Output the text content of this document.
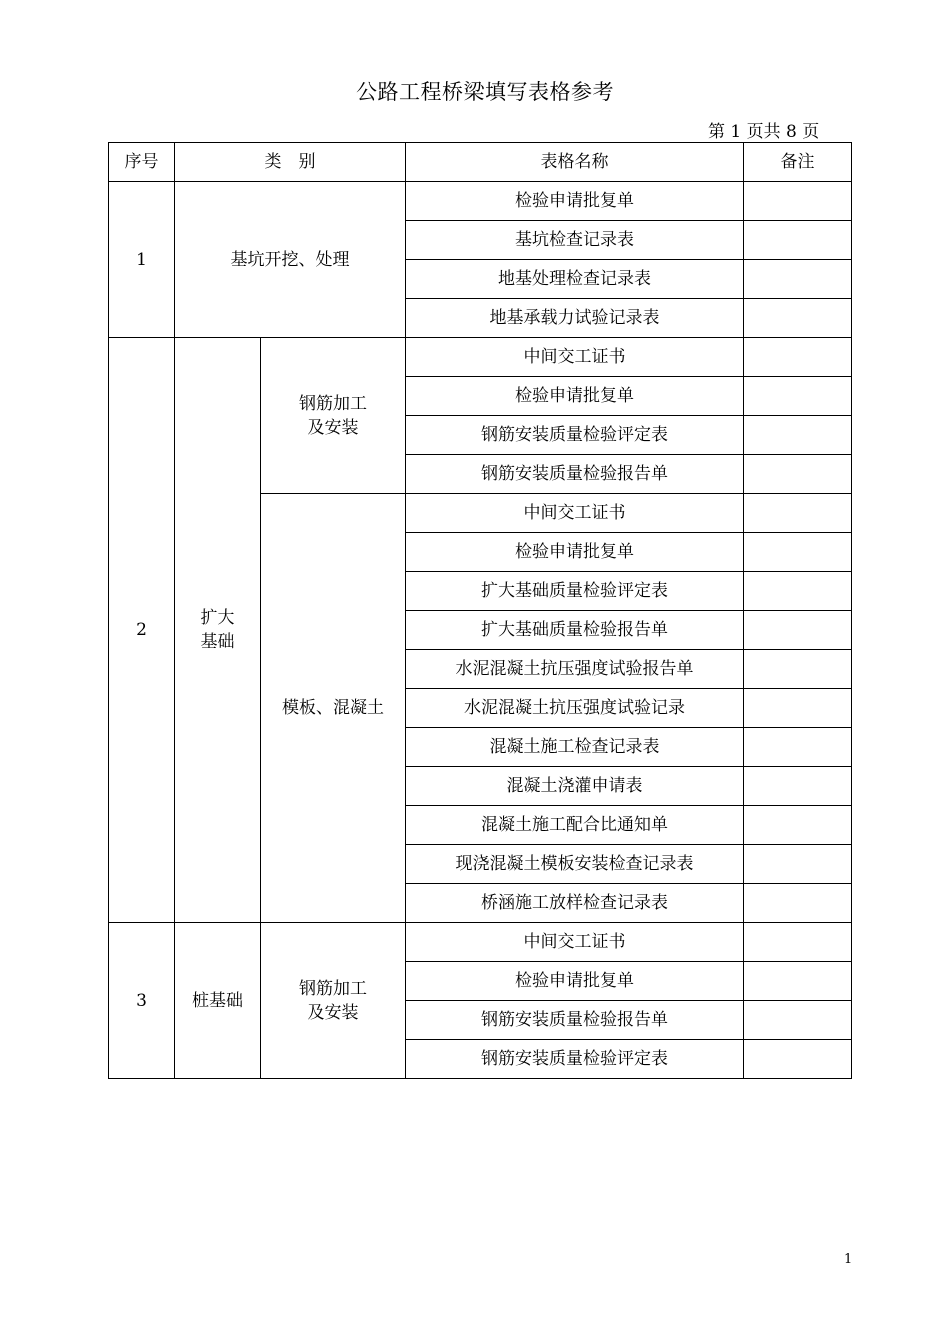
公路工程桥梁填写表格参考
第 1 页共 8 页
序号	类　别		表格名称	备注
1	基坑开挖、处理		检验申请批复单	
			基坑检查记录表	
			地基处理检查记录表	
			地基承载力试验记录表	
2	扩大基础	钢筋加工及安装	中间交工证书	
			检验申请批复单	
			钢筋安装质量检验评定表	
			钢筋安装质量检验报告单	
		模板、混凝土	中间交工证书	
			检验申请批复单	
			扩大基础质量检验评定表	
			扩大基础质量检验报告单	
			水泥混凝土抗压强度试验报告单	
			水泥混凝土抗压强度试验记录	
			混凝土施工检查记录表	
			混凝土浇灌申请表	
			混凝土施工配合比通知单	
			现浇混凝土模板安装检查记录表	
			桥涵施工放样检查记录表	
3	桩基础	钢筋加工及安装	中间交工证书	
			检验申请批复单	
			钢筋安装质量检验报告单	
			钢筋安装质量检验评定表	
1
